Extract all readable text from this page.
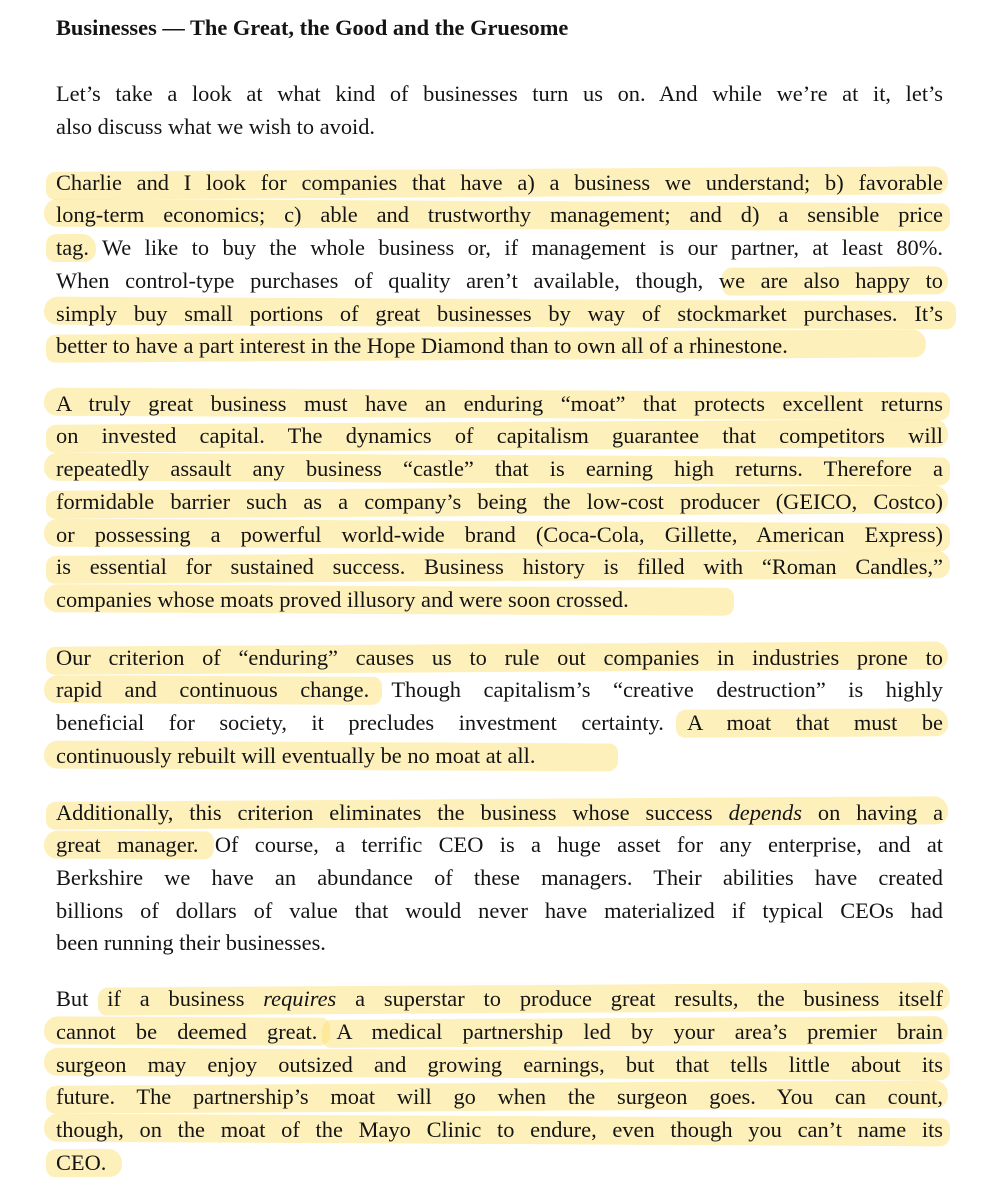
Businesses — The Great, the Good and the Gruesome
Let’s take a look at what kind of businesses turn us on. And while we’re at it, let’s
also discuss what we wish to avoid.
Charlie and I look for companies that have a) a business we understand; b) favorable
long-term economics; c) able and trustworthy management; and d) a sensible price
tag. We like to buy the whole business or, if management is our partner, at least 80%.
When control-type purchases of quality aren’t available, though, we are also happy to
simply buy small portions of great businesses by way of stockmarket purchases. It’s
better to have a part interest in the Hope Diamond than to own all of a rhinestone.
A truly great business must have an enduring “moat” that protects excellent returns
on invested capital. The dynamics of capitalism guarantee that competitors will
repeatedly assault any business “castle” that is earning high returns. Therefore a
formidable barrier such as a company’s being the low-cost producer (GEICO, Costco)
or possessing a powerful world-wide brand (Coca-Cola, Gillette, American Express)
is essential for sustained success. Business history is filled with “Roman Candles,”
companies whose moats proved illusory and were soon crossed.
Our criterion of “enduring” causes us to rule out companies in industries prone to
rapid and continuous change. Though capitalism’s “creative destruction” is highly
beneficial for society, it precludes investment certainty. A moat that must be
continuously rebuilt will eventually be no moat at all.
Additionally, this criterion eliminates the business whose success depends on having a
great manager. Of course, a terrific CEO is a huge asset for any enterprise, and at
Berkshire we have an abundance of these managers. Their abilities have created
billions of dollars of value that would never have materialized if typical CEOs had
been running their businesses.
But if a business requires a superstar to produce great results, the business itself
cannot be deemed great. A medical partnership led by your area’s premier brain
surgeon may enjoy outsized and growing earnings, but that tells little about its
future. The partnership’s moat will go when the surgeon goes. You can count,
though, on the moat of the Mayo Clinic to endure, even though you can’t name its
CEO.
